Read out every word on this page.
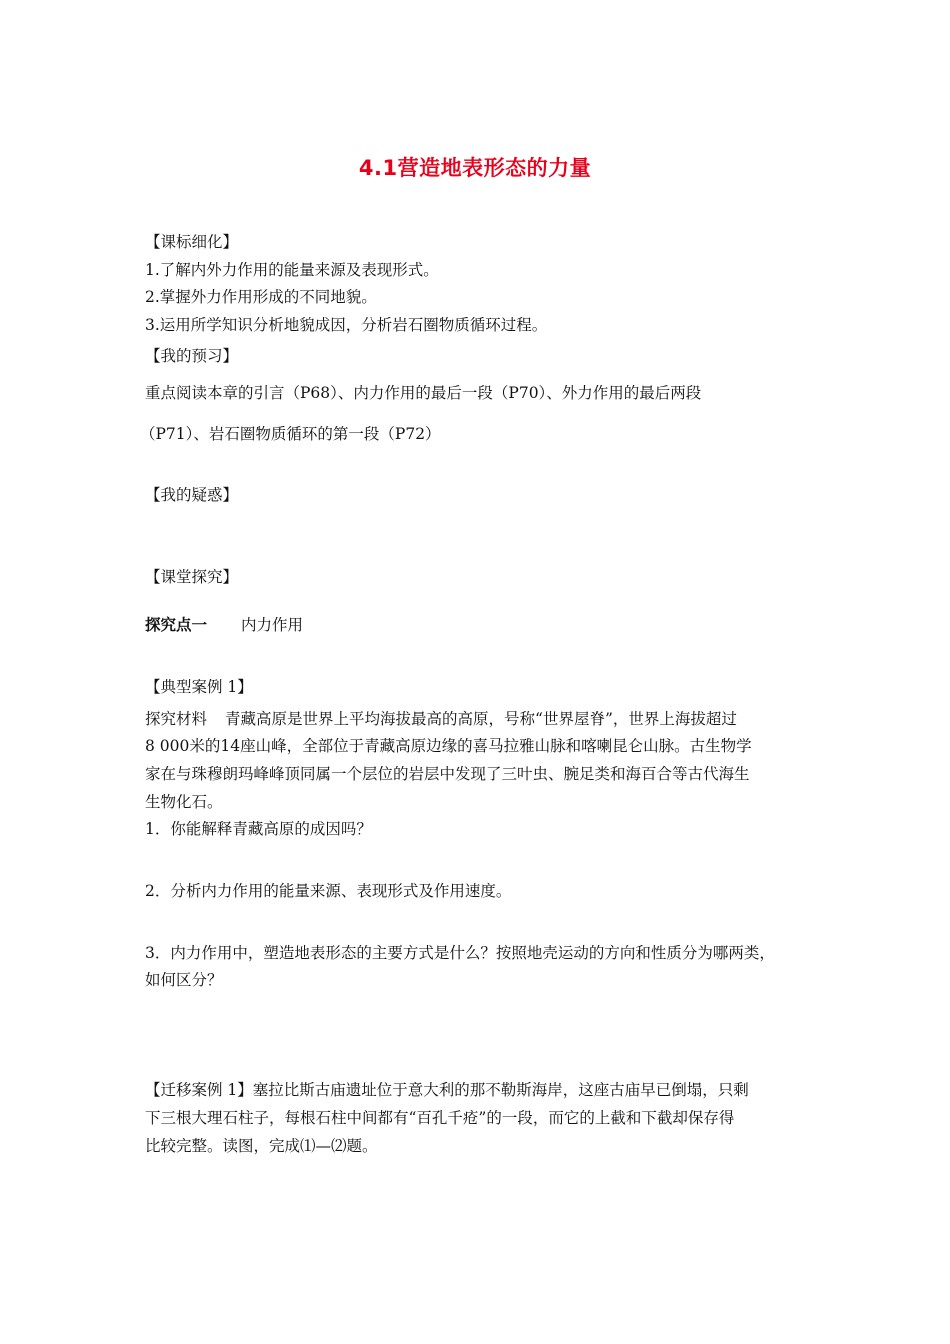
4.1营造地表形态的力量
【课标细化】
1.了解内外力作用的能量来源及表现形式。
2.掌握外力作用形成的不同地貌。
3.运用所学知识分析地貌成因，分析岩石圈物质循环过程。
【我的预习】
重点阅读本章的引言（P68）、内力作用的最后一段（P70）、外力作用的最后两段
（P71）、岩石圈物质循环的第一段（P72）
【我的疑惑】
【课堂探究】
探究点一 内力作用
【典型案例 1】
探究材料 青藏高原是世界上平均海拔最高的高原，号称“世界屋脊”，世界上海拔超过
8 000米的14座山峰，全部位于青藏高原边缘的喜马拉雅山脉和喀喇昆仑山脉。古生物学
家在与珠穆朗玛峰峰顶同属一个层位的岩层中发现了三叶虫、腕足类和海百合等古代海生
生物化石。
1．你能解释青藏高原的成因吗？
2．分析内力作用的能量来源、表现形式及作用速度。
3．内力作用中，塑造地表形态的主要方式是什么？按照地壳运动的方向和性质分为哪两类，
如何区分？
【迁移案例 1】塞拉比斯古庙遗址位于意大利的那不勒斯海岸，这座古庙早已倒塌，只剩
下三根大理石柱子，每根石柱中间都有“百孔千疮”的一段，而它的上截和下截却保存得
比较完整。读图，完成⑴—⑵题。
